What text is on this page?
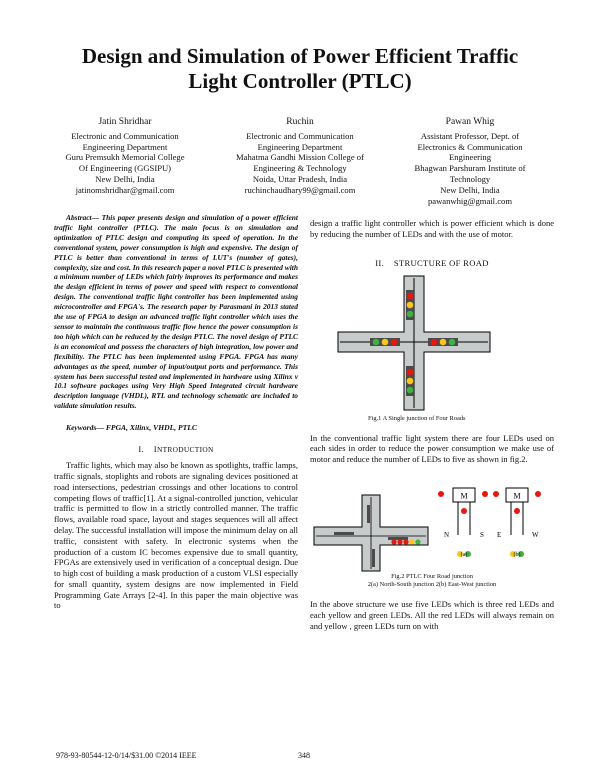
Design and Simulation of Power Efficient Traffic
Light Controller (PTLC)
Jatin Shridhar
Electronic and Communication
Engineering Department
Guru Premsukh Memorial College
Of Engineering (GGSIPU)
New Delhi, India
jatinomshridhar@gmail.com
Ruchin
Electronic and Communication
Engineering Department
Mahatma Gandhi Mission College of
Engineering & Technology
Noida, Uttar Pradesh, India
ruchinchaudhary99@gmail.com
Pawan Whig
Assistant Professor, Dept. of
Electronics & Communication
Engineering
Bhagwan Parshuram Institute of
Technology
New Delhi, India
pawanwhig@gmail.com

Abstract— This paper presents design and simulation of a power efficient traffic light controller (PTLC). The main focus is on simulation and optimization of PTLC design and computing its speed of operation. In the conventional system, power consumption is high and expensive. The design of PTLC is better than conventional in terms of LUT's (number of gates), complexity, size and cost. In this research paper a novel PTLC is presented with a minimum number of LEDs which fairly improves its performance and makes the design efficient in terms of power and speed with respect to conventional design. The conventional traffic light controller has been implemented using microcontroller and FPGA's. The research paper by Parasmani in 2013 stated the use of FPGA to design an advanced traffic light controller which uses the sensor to maintain the continuous traffic flow hence the power consumption is too high which can be reduced by the design PTLC. The novel design of PTLC is an economical and possess the characters of high integration, low power and flexibility. The PTLC has been implemented using FPGA. FPGA has many advantages as the speed, number of input/output ports and performance. This system has been successful tested and implemented in hardware using Xilinx v 10.1 software packages using Very High Speed Integrated circuit hardware description language (VHDL), RTL and technology schematic are included to validate simulation results.

Keywords— FPGA, Xilinx, VHDL, PTLC

I. INTRODUCTION

Traffic lights, which may also be known as spotlights, traffic lamps, traffic signals, stoplights and robots are signaling devices positioned at road intersections, pedestrian crossings and other locations to control competing flows of traffic[1]. At a signal-controlled junction, vehicular traffic is permitted to flow in a strictly controlled manner. The traffic flows, available road space, layout and stages sequences will all affect delay. The successful installation will impose the minimum delay on all traffic, consistent with safety. In electronic systems when the production of a custom IC becomes expensive due to small quantity, FPGAs are extensively used in verification of a conceptual design. Due to high cost of building a mask production of a custom VLSI especially for small quantity, system designs are now implemented in Field Programming Gate Arrays [2-4]. In this paper the main objective was to

design a traffic light controller which is power efficient which is done by reducing the number of LEDs and with the use of motor.

II. STRUCTURE OF ROAD
Fig.1 A Single junction of Four Roads

In the conventional traffic light system there are four LEDs used on each sides in order to reduce the power consumption we make use of motor and reduce the number of LEDs to five as shown in fig.2.

M
N	S
(a)
M
E	W
(b)
Fig.2 PTLC Four Road junction
2(a) North-South junction 2(b) East-West junction

In the above structure we use five LEDs which is three red LEDs and each yellow and green LEDs. All the red LEDs will always remain on and yellow , green LEDs turn on with

978-93-80544-12-0/14/$31.00 ©2014 IEEE	348
